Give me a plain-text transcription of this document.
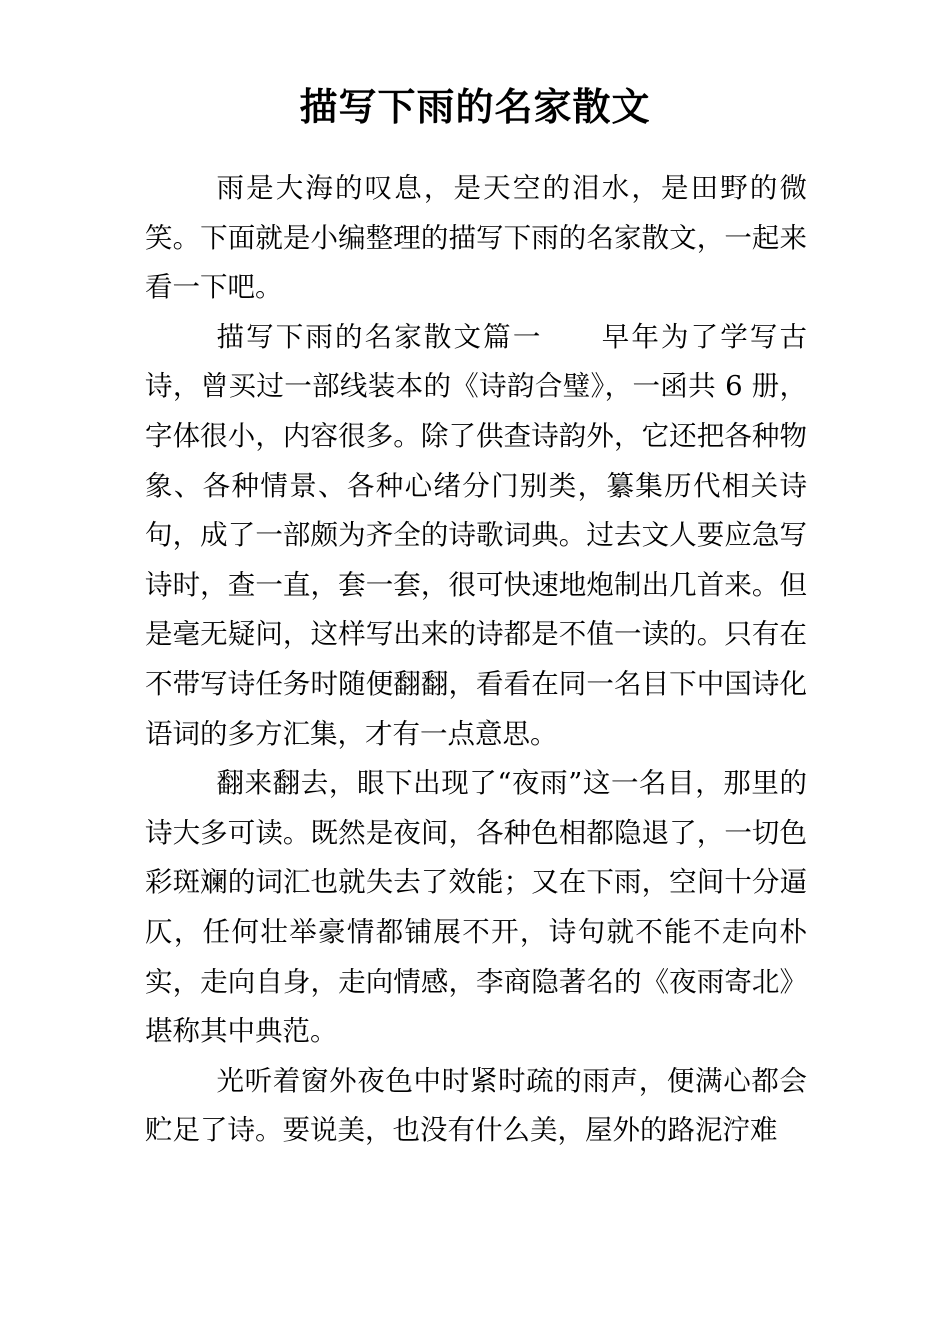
描写下雨的名家散文

雨是大海的叹息，是天空的泪水，是田野的微笑。下面就是小编整理的描写下雨的名家散文，一起来看一下吧。

描写下雨的名家散文篇一　　早年为了学写古诗，曾买过一部线装本的《诗韵合璧》，一函共 6 册，字体很小，内容很多。除了供查诗韵外，它还把各种物象、各种情景、各种心绪分门别类，纂集历代相关诗句，成了一部颇为齐全的诗歌词典。过去文人要应急写诗时，查一直，套一套，很可快速地炮制出几首来。但是毫无疑问，这样写出来的诗都是不值一读的。只有在不带写诗任务时随便翻翻，看看在同一名目下中国诗化语词的多方汇集，才有一点意思。

翻来翻去，眼下出现了“夜雨”这一名目，那里的诗大多可读。既然是夜间，各种色相都隐退了，一切色彩斑斓的词汇也就失去了效能；又在下雨，空间十分逼仄，任何壮举豪情都铺展不开，诗句就不能不走向朴实，走向自身，走向情感，李商隐著名的《夜雨寄北》堪称其中典范。

光听着窗外夜色中时紧时疏的雨声，便满心都会贮足了诗。要说美，也没有什么美，屋外的路泥泞难
